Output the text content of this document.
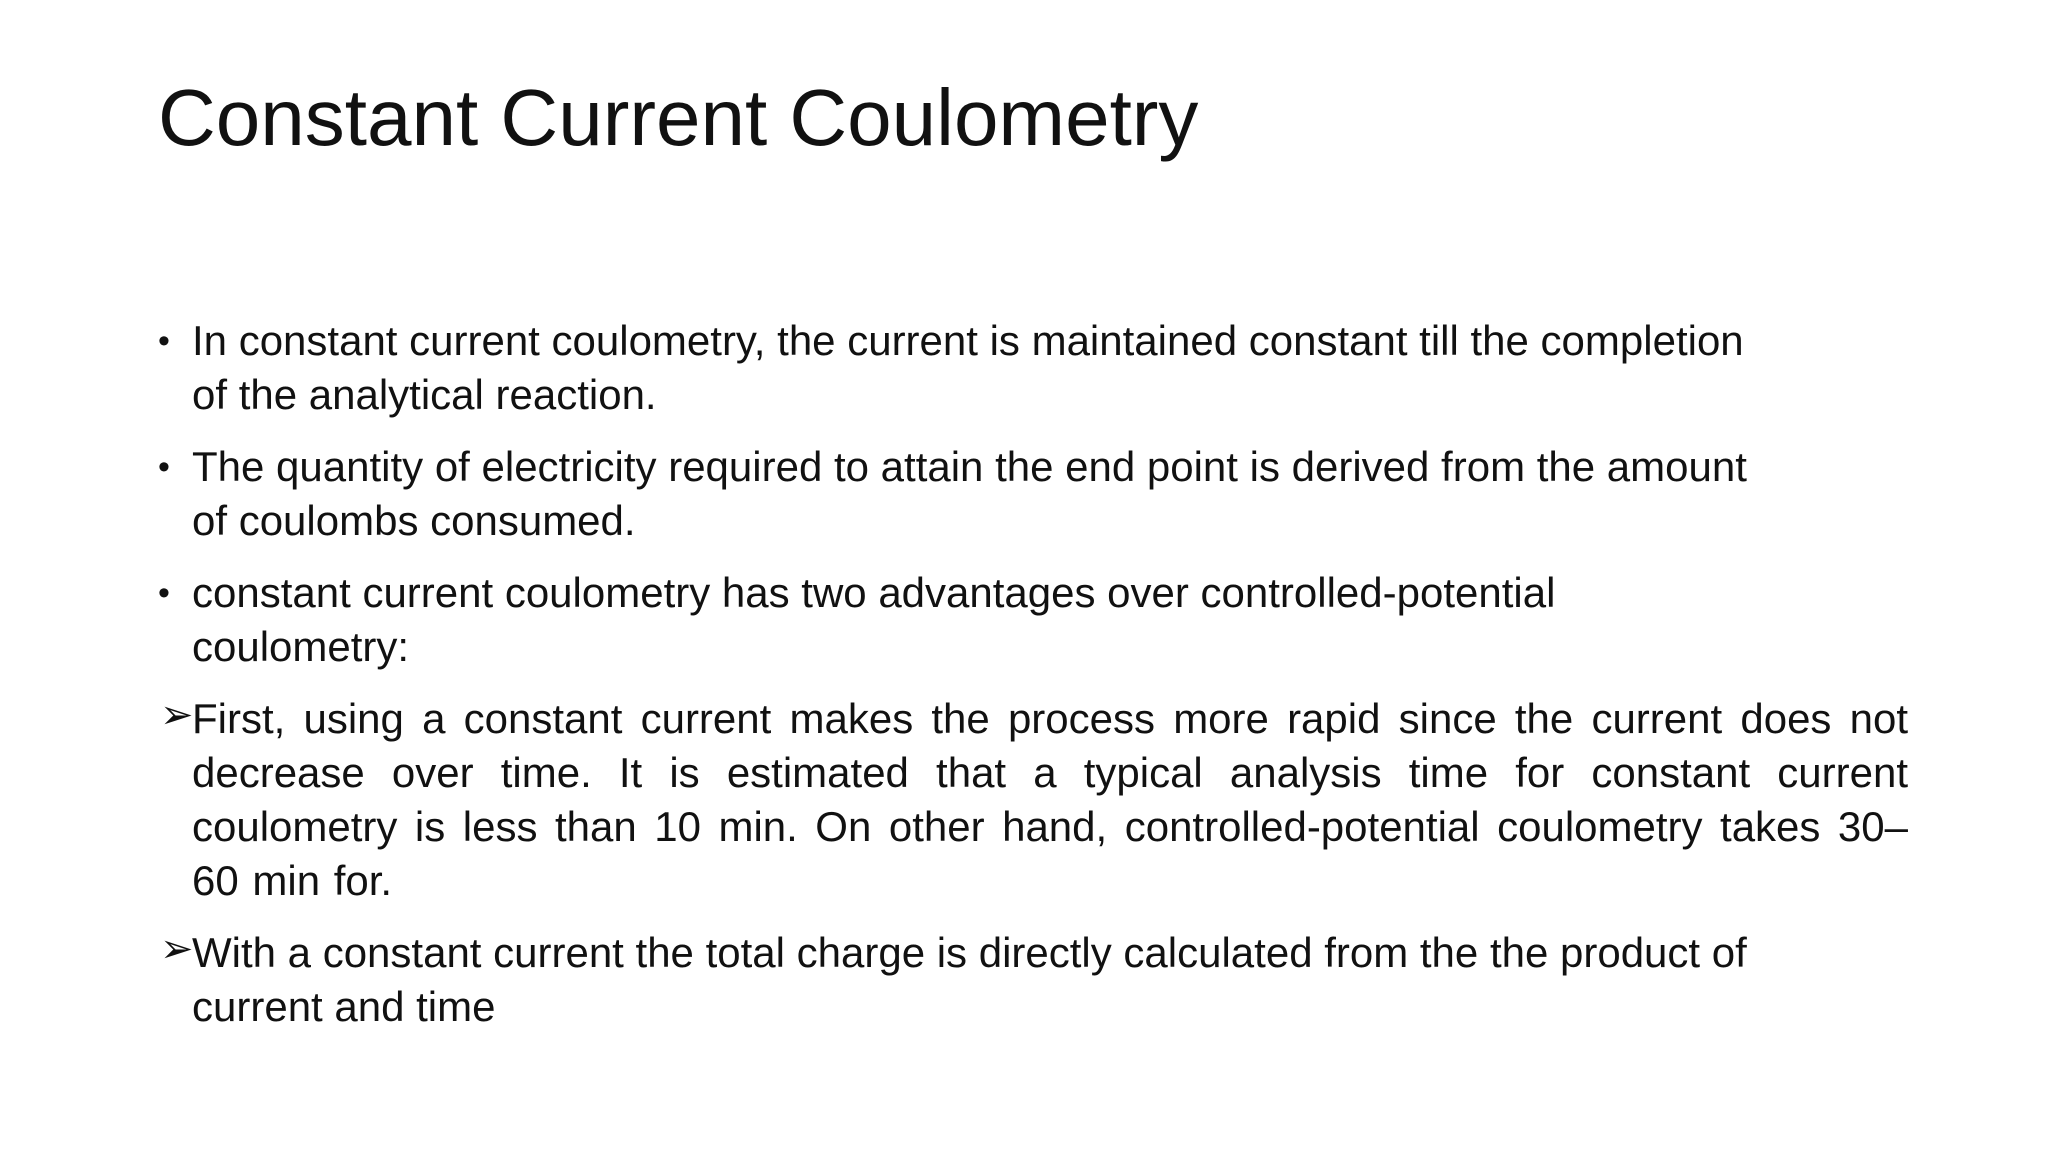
Constant Current Coulometry
• In constant current coulometry, the current is maintained constant till the completion of the analytical reaction.
• The quantity of electricity required to attain the end point is derived from the amount of coulombs consumed.
• constant current coulometry has two advantages over controlled-potential coulometry:
➢
First, using a constant current makes the process more rapid since the current does not decrease over time. It is estimated that a typical analysis time for constant current coulometry is less than 10 min. On other hand, controlled-potential coulometry takes 30–60 min for.
➢
With a constant current the total charge is directly calculated from the the product of current and time
